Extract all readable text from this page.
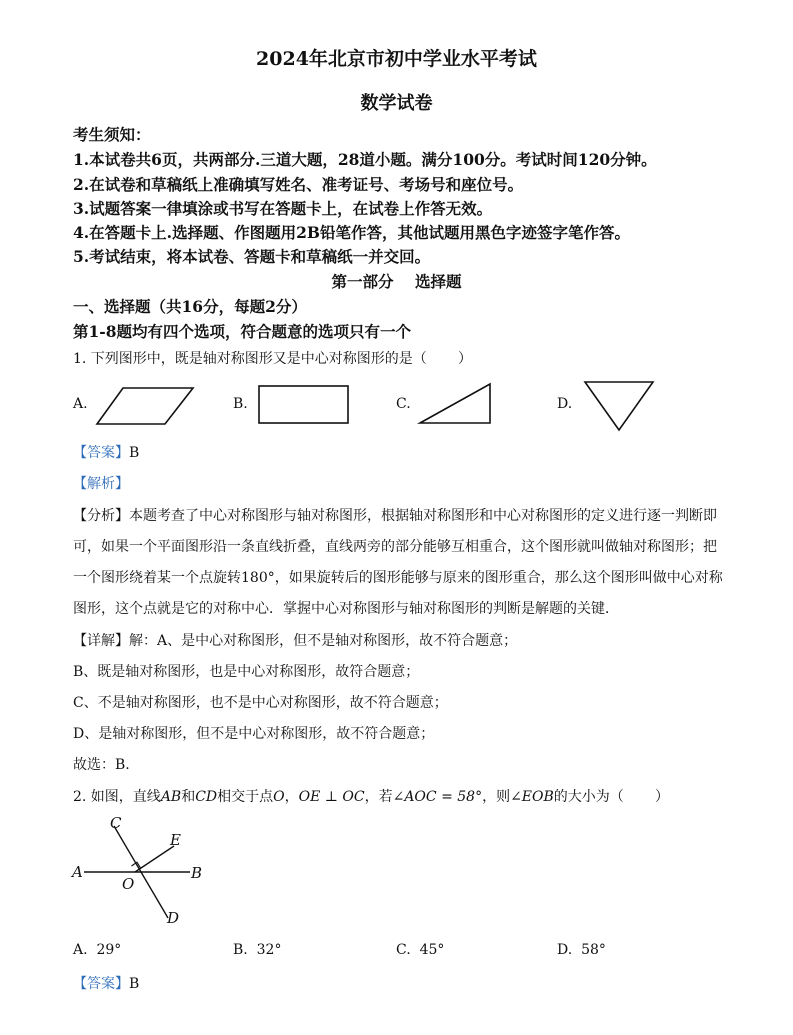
2024年北京市初中学业水平考试
数学试卷
考生须知：
1.本试卷共6页，共两部分.三道大题，28道小题。满分100分。考试时间120分钟。
2.在试卷和草稿纸上准确填写姓名、准考证号、考场号和座位号。
3.试题答案一律填涂或书写在答题卡上，在试卷上作答无效。
4.在答题卡上.选择题、作图题用2B铅笔作答，其他试题用黑色字迹签字笔作答。
5.考试结束，将本试卷、答题卡和草稿纸一并交回。
第一部分    选择题
一、选择题（共16分，每题2分）
第1-8题均有四个选项，符合题意的选项只有一个
1. 下列图形中，既是轴对称图形又是中心对称图形的是（       ）
A.	B.	C.	D.
【答案】B
【解析】
【分析】本题考查了中心对称图形与轴对称图形，根据轴对称图形和中心对称图形的定义进行逐一判断即
可，如果一个平面图形沿一条直线折叠，直线两旁的部分能够互相重合，这个图形就叫做轴对称图形；把
一个图形绕着某一个点旋转180°，如果旋转后的图形能够与原来的图形重合，那么这个图形叫做中心对称
图形，这个点就是它的对称中心．掌握中心对称图形与轴对称图形的判断是解题的关键．
【详解】解：A、是中心对称图形，但不是轴对称图形，故不符合题意；
B、既是轴对称图形，也是中心对称图形，故符合题意；
C、不是轴对称图形，也不是中心对称图形，故不符合题意；
D、是轴对称图形，但不是中心对称图形，故不符合题意；
故选：B.
2. 如图，直线AB和CD相交于点O，OE ⊥ OC，若∠AOC = 58°，则∠EOB的大小为（       ）
A	B
C
D
E
O
A.  29°	B.  32°	C.  45°	D.  58°
【答案】B
